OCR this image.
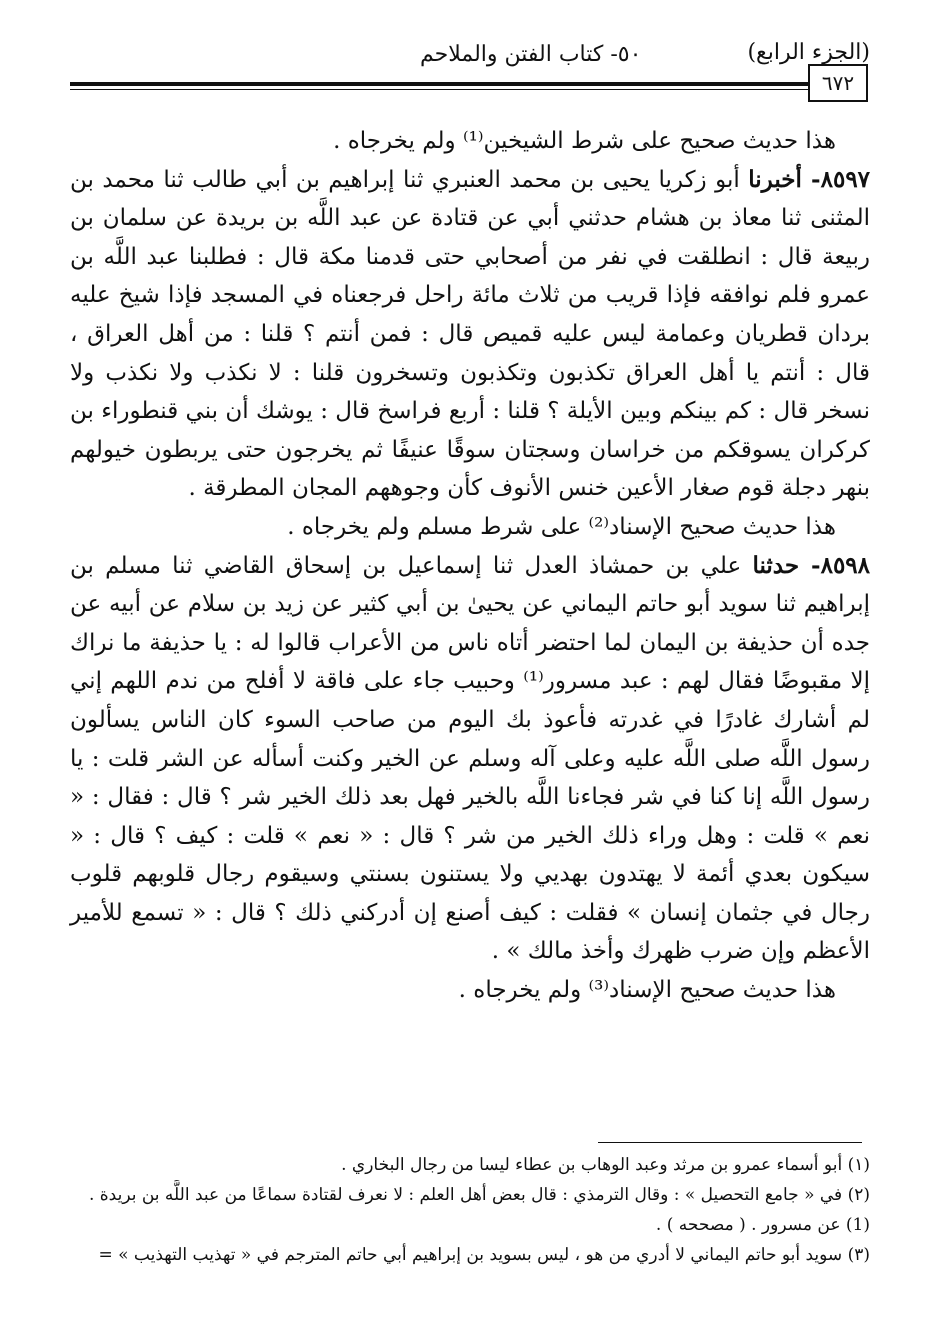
(الجزء الرابع)
٥٠- كتاب الفتن والملاحم
٦٧٢

هذا حديث صحيح على شرط الشيخين⁽¹⁾ ولم يخرجاه .

٨٥٩٧- أخبرنا أبو زكريا يحيى بن محمد العنبري ثنا إبراهيم بن أبي طالب ثنا محمد بن المثنى ثنا معاذ بن هشام حدثني أبي عن قتادة عن عبد اللَّه بن بريدة عن سلمان بن ربيعة قال : انطلقت في نفر من أصحابي حتى قدمنا مكة قال : فطلبنا عبد اللَّه بن عمرو فلم نوافقه فإذا قريب من ثلاث مائة راحل فرجعناه في المسجد فإذا شيخ عليه بردان قطريان وعمامة ليس عليه قميص قال : فمن أنتم ؟ قلنا : من أهل العراق ، قال : أنتم يا أهل العراق تكذبون وتكذبون وتسخرون قلنا : لا نكذب ولا نكذب ولا نسخر قال : كم بينكم وبين الأيلة ؟ قلنا : أربع فراسخ قال : يوشك أن بني قنطوراء بن كركران يسوقكم من خراسان وسجتان سوقًا عنيفًا ثم يخرجون حتى يربطون خيولهم بنهر دجلة قوم صغار الأعين خنس الأنوف كأن وجوههم المجان المطرقة .

هذا حديث صحيح الإسناد⁽²⁾ على شرط مسلم ولم يخرجاه .

٨٥٩٨- حدثنا علي بن حمشاذ العدل ثنا إسماعيل بن إسحاق القاضي ثنا مسلم بن إبراهيم ثنا سويد أبو حاتم اليماني عن يحيىٰ بن أبي كثير عن زيد بن سلام عن أبيه عن جده أن حذيفة بن اليمان لما احتضر أتاه ناس من الأعراب قالوا له : يا حذيفة ما نراك إلا مقبوضًا فقال لهم : عبد مسرور⁽¹⁾ وحبيب جاء على فاقة لا أفلح من ندم اللهم إني لم أشارك غادرًا في غدرته فأعوذ بك اليوم من صاحب السوء كان الناس يسألون رسول اللَّه صلى اللَّه عليه وعلى آله وسلم عن الخير وكنت أسأله عن الشر قلت : يا رسول اللَّه إنا كنا في شر فجاءنا اللَّه بالخير فهل بعد ذلك الخير شر ؟ قال : فقال : « نعم » قلت : وهل وراء ذلك الخير من شر ؟ قال : « نعم » قلت : كيف ؟ قال : « سيكون بعدي أئمة لا يهتدون بهديي ولا يستنون بسنتي وسيقوم رجال قلوبهم قلوب رجال في جثمان إنسان » فقلت : كيف أصنع إن أدركني ذلك ؟ قال : « تسمع للأمير الأعظم وإن ضرب ظهرك وأخذ مالك » .

هذا حديث صحيح الإسناد⁽³⁾ ولم يخرجاه .

(١) أبو أسماء عمرو بن مرثد وعبد الوهاب بن عطاء ليسا من رجال البخاري .

(٢) في « جامع التحصيل » : وقال الترمذي : قال بعض أهل العلم : لا نعرف لقتادة سماعًا من عبد اللَّه بن بريدة .

(1) عن مسرور . ( مصححه ) .

(٣) سويد أبو حاتم اليماني لا أدري من هو ، ليس بسويد بن إبراهيم أبي حاتم المترجم في « تهذيب التهذيب » =
